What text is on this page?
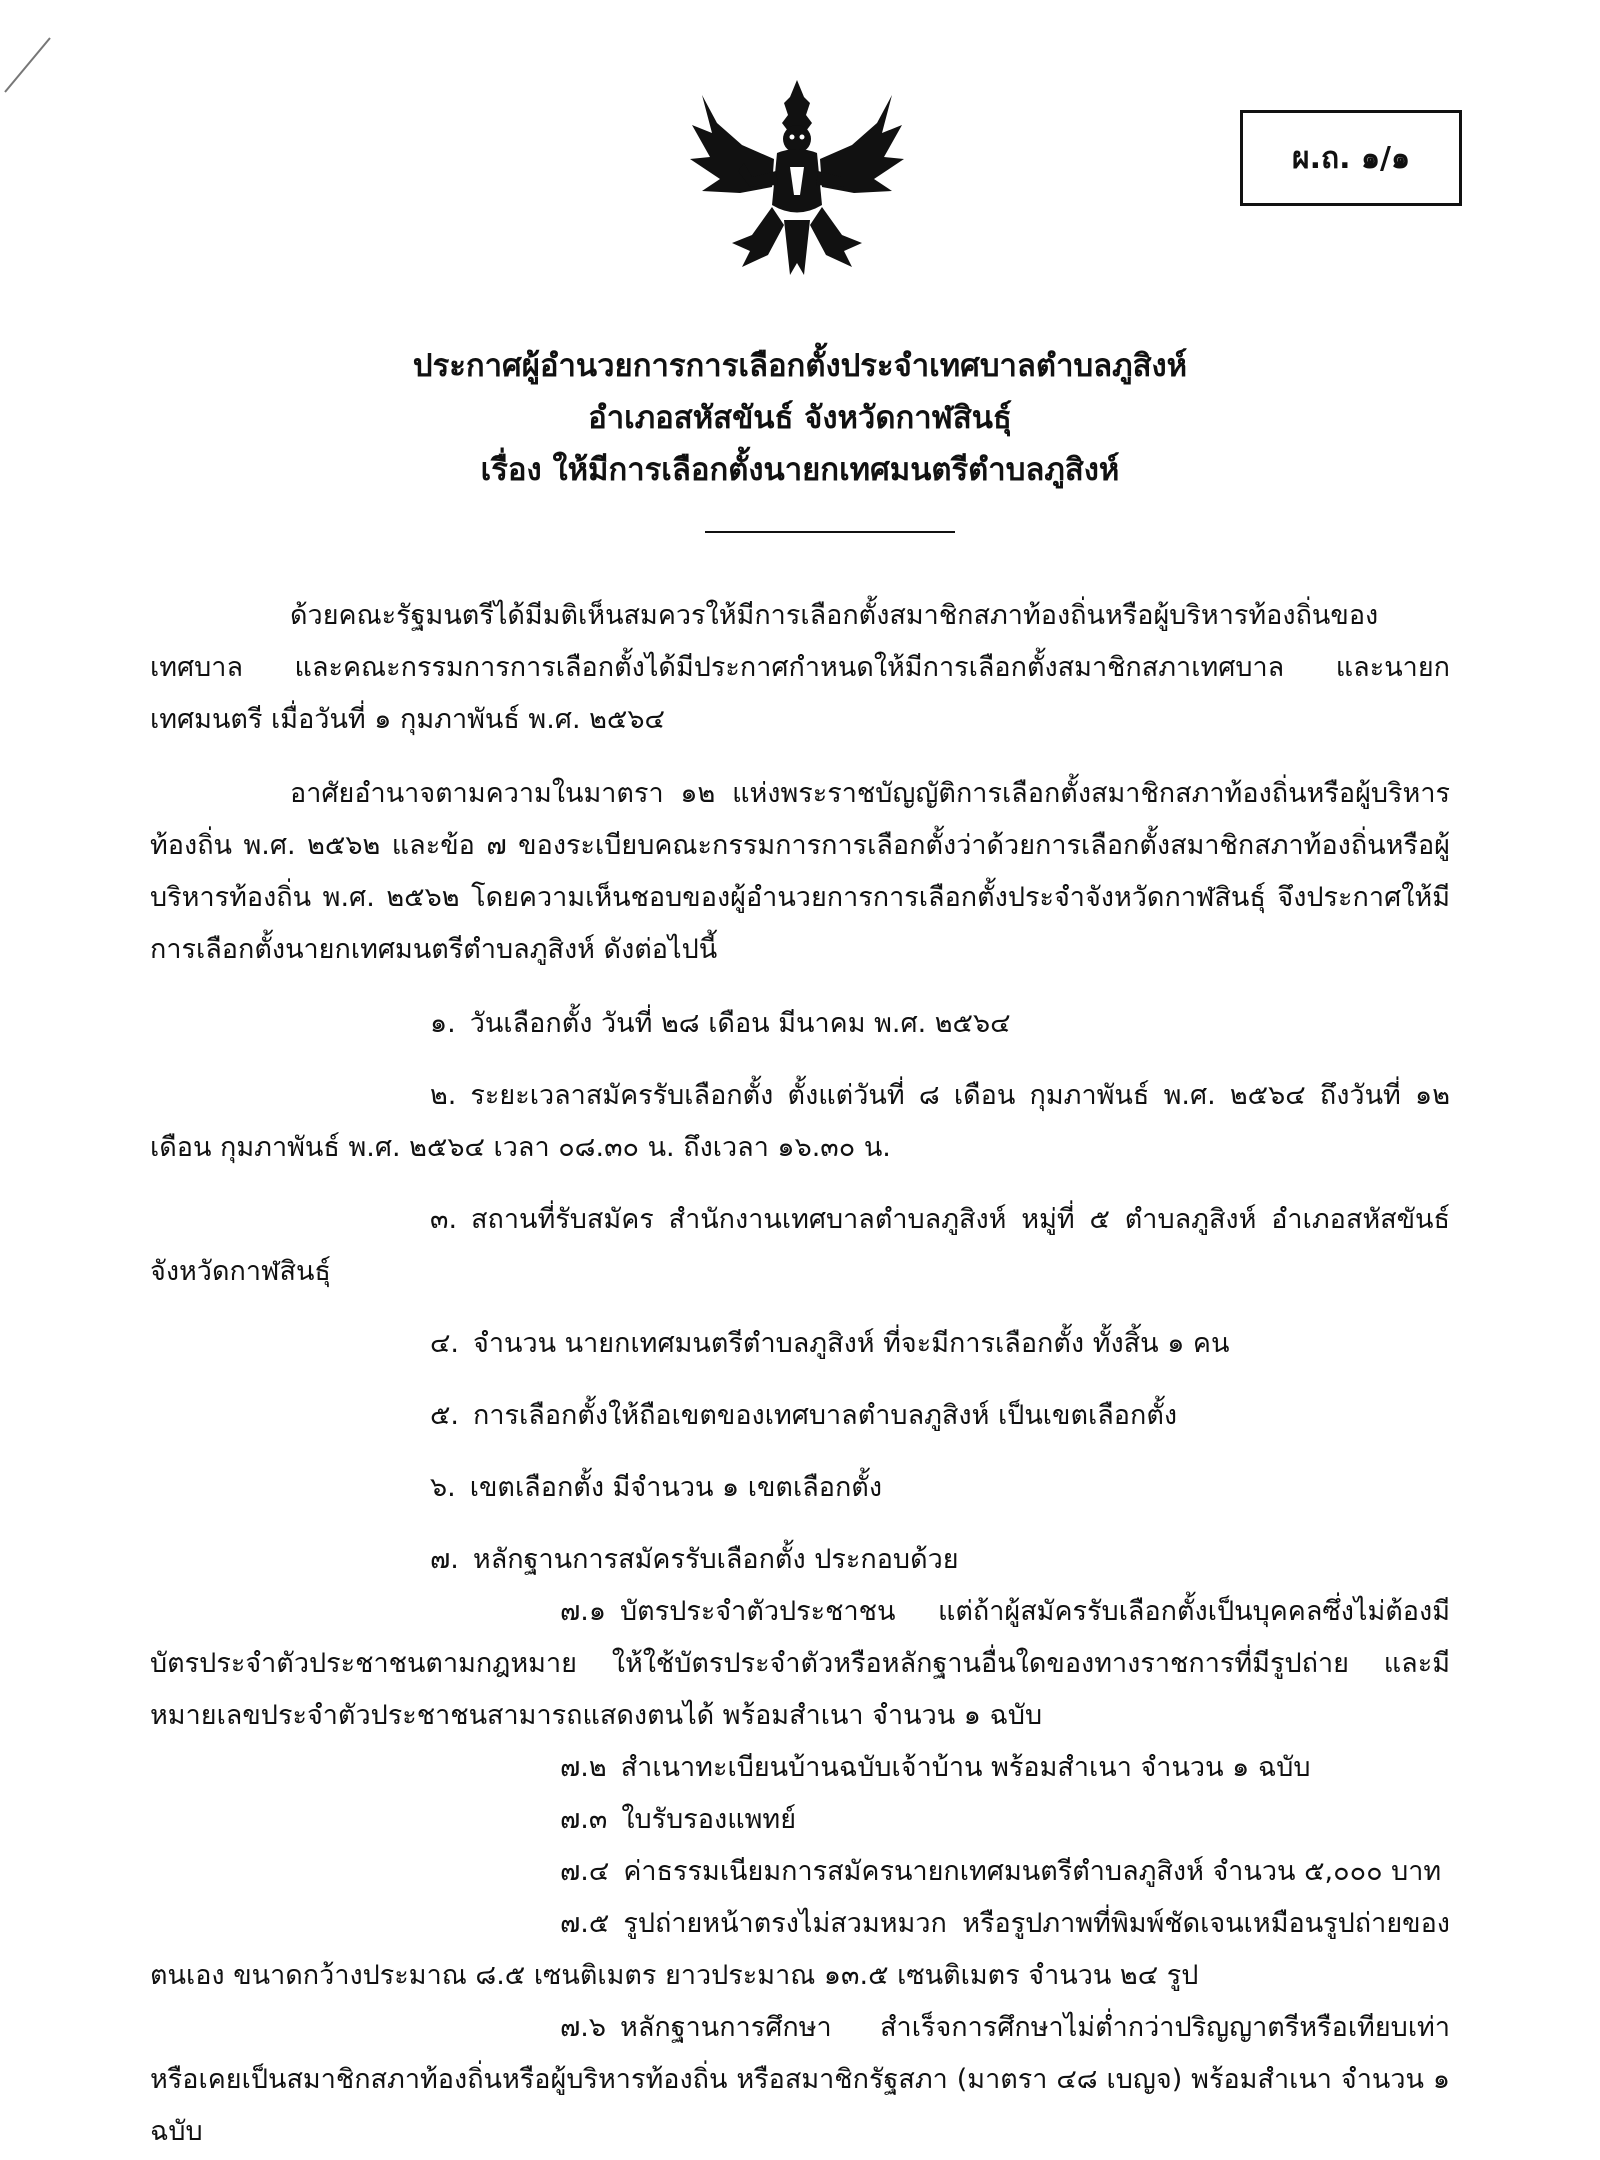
ผ.ถ. ๑/๑
ประกาศผู้อำนวยการการเลือกตั้งประจำเทศบาลตำบลภูสิงห์
อำเภอสหัสขันธ์ จังหวัดกาฬสินธุ์
เรื่อง ให้มีการเลือกตั้งนายกเทศมนตรีตำบลภูสิงห์

ด้วยคณะรัฐมนตรีได้มีมติเห็นสมควรให้มีการเลือกตั้งสมาชิกสภาท้องถิ่นหรือผู้บริหารท้องถิ่นของเทศบาล และคณะกรรมการการเลือกตั้งได้มีประกาศกำหนดให้มีการเลือกตั้งสมาชิกสภาเทศบาล และนายกเทศมนตรี เมื่อวันที่ ๑ กุมภาพันธ์ พ.ศ. ๒๕๖๔

อาศัยอำนาจตามความในมาตรา ๑๒ แห่งพระราชบัญญัติการเลือกตั้งสมาชิกสภาท้องถิ่นหรือผู้บริหารท้องถิ่น พ.ศ. ๒๕๖๒ และข้อ ๗ ของระเบียบคณะกรรมการการเลือกตั้งว่าด้วยการเลือกตั้งสมาชิกสภาท้องถิ่นหรือผู้บริหารท้องถิ่น พ.ศ. ๒๕๖๒ โดยความเห็นชอบของผู้อำนวยการการเลือกตั้งประจำจังหวัดกาฬสินธุ์ จึงประกาศให้มีการเลือกตั้งนายกเทศมนตรีตำบลภูสิงห์ ดังต่อไปนี้

๑. วันเลือกตั้ง วันที่ ๒๘ เดือน มีนาคม พ.ศ. ๒๕๖๔
๒. ระยะเวลาสมัครรับเลือกตั้ง ตั้งแต่วันที่ ๘ เดือน กุมภาพันธ์ พ.ศ. ๒๕๖๔ ถึงวันที่ ๑๒ เดือน กุมภาพันธ์ พ.ศ. ๒๕๖๔ เวลา ๐๘.๓๐ น. ถึงเวลา ๑๖.๓๐ น.
๓. สถานที่รับสมัคร สำนักงานเทศบาลตำบลภูสิงห์ หมู่ที่ ๕ ตำบลภูสิงห์ อำเภอสหัสขันธ์ จังหวัดกาฬสินธุ์
๔. จำนวน นายกเทศมนตรีตำบลภูสิงห์ ที่จะมีการเลือกตั้ง ทั้งสิ้น ๑ คน
๕. การเลือกตั้งให้ถือเขตของเทศบาลตำบลภูสิงห์ เป็นเขตเลือกตั้ง
๖. เขตเลือกตั้ง มีจำนวน ๑ เขตเลือกตั้ง
๗. หลักฐานการสมัครรับเลือกตั้ง ประกอบด้วย
๗.๑ บัตรประจำตัวประชาชน แต่ถ้าผู้สมัครรับเลือกตั้งเป็นบุคคลซึ่งไม่ต้องมีบัตรประจำตัวประชาชนตามกฎหมาย ให้ใช้บัตรประจำตัวหรือหลักฐานอื่นใดของทางราชการที่มีรูปถ่าย และมีหมายเลขประจำตัวประชาชนสามารถแสดงตนได้ พร้อมสำเนา จำนวน ๑ ฉบับ
๗.๒ สำเนาทะเบียนบ้านฉบับเจ้าบ้าน พร้อมสำเนา จำนวน ๑ ฉบับ
๗.๓ ใบรับรองแพทย์
๗.๔ ค่าธรรมเนียมการสมัครนายกเทศมนตรีตำบลภูสิงห์ จำนวน ๕,๐๐๐ บาท
๗.๕ รูปถ่ายหน้าตรงไม่สวมหมวก หรือรูปภาพที่พิมพ์ชัดเจนเหมือนรูปถ่ายของตนเอง ขนาดกว้างประมาณ ๘.๕ เซนติเมตร ยาวประมาณ ๑๓.๕ เซนติเมตร จำนวน ๒๔ รูป
๗.๖ หลักฐานการศึกษา สำเร็จการศึกษาไม่ต่ำกว่าปริญญาตรีหรือเทียบเท่า หรือเคยเป็นสมาชิกสภาท้องถิ่นหรือผู้บริหารท้องถิ่น หรือสมาชิกรัฐสภา (มาตรา ๔๘ เบญจ) พร้อมสำเนา จำนวน ๑ ฉบับ
